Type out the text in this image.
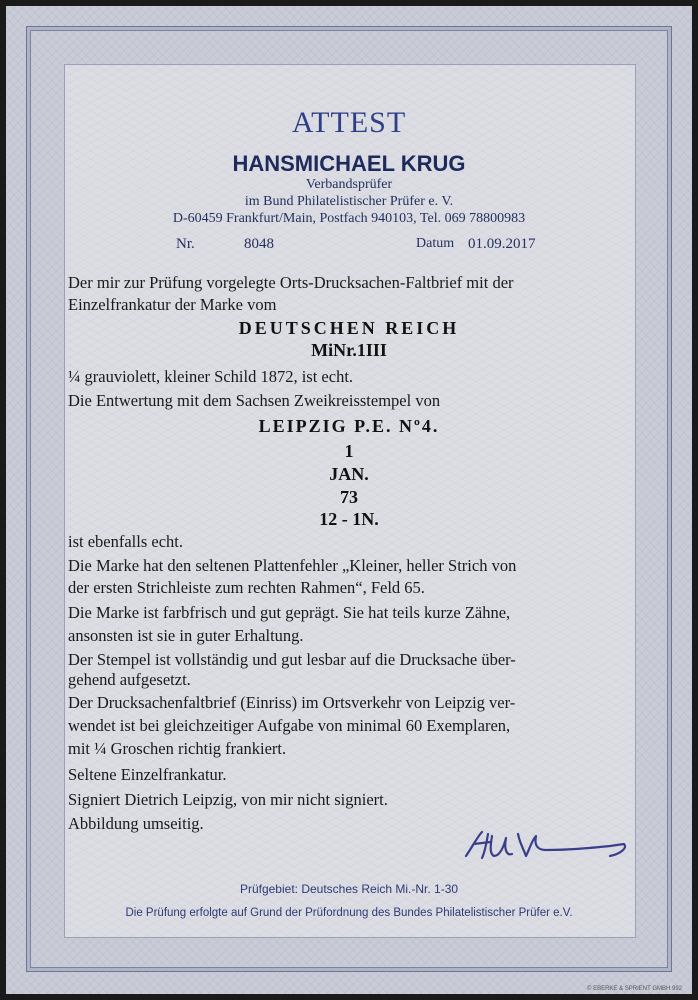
ATTEST
HANSMICHAEL KRUG
Verbandsprüfer
im Bund Philatelistischer Prüfer e. V.
D-60459 Frankfurt/Main, Postfach 940103, Tel. 069 78800983
Nr.	8048	Datum 01.09.2017
Der mir zur Prüfung vorgelegte Orts-Drucksachen-Faltbrief mit der
Einzelfrankatur der Marke vom
DEUTSCHEN REICH
MiNr.1III
¼ grauviolett, kleiner Schild 1872, ist echt.
Die Entwertung mit dem Sachsen Zweikreisstempel von
LEIPZIG P.E. Nº4.
1
JAN.
73
12 - 1N.
ist ebenfalls echt.
Die Marke hat den seltenen Plattenfehler „Kleiner, heller Strich von
der ersten Strichleiste zum rechten Rahmen“, Feld 65.
Die Marke ist farbfrisch und gut geprägt. Sie hat teils kurze Zähne,
ansonsten ist sie in guter Erhaltung.
Der Stempel ist vollständig und gut lesbar auf die Drucksache über-
gehend aufgesetzt.
Der Drucksachenfaltbrief (Einriss) im Ortsverkehr von Leipzig ver-
wendet ist bei gleichzeitiger Aufgabe von minimal 60 Exemplaren,
mit ¼ Groschen richtig frankiert.
Seltene Einzelfrankatur.
Signiert Dietrich Leipzig, von mir nicht signiert.
Abbildung umseitig.
Prüfgebiet: Deutsches Reich Mi.-Nr. 1-30
Die Prüfung erfolgte auf Grund der Prüfordnung des Bundes Philatelistischer Prüfer e.V.
© EBERKE & SPRIENT GMBH 992
